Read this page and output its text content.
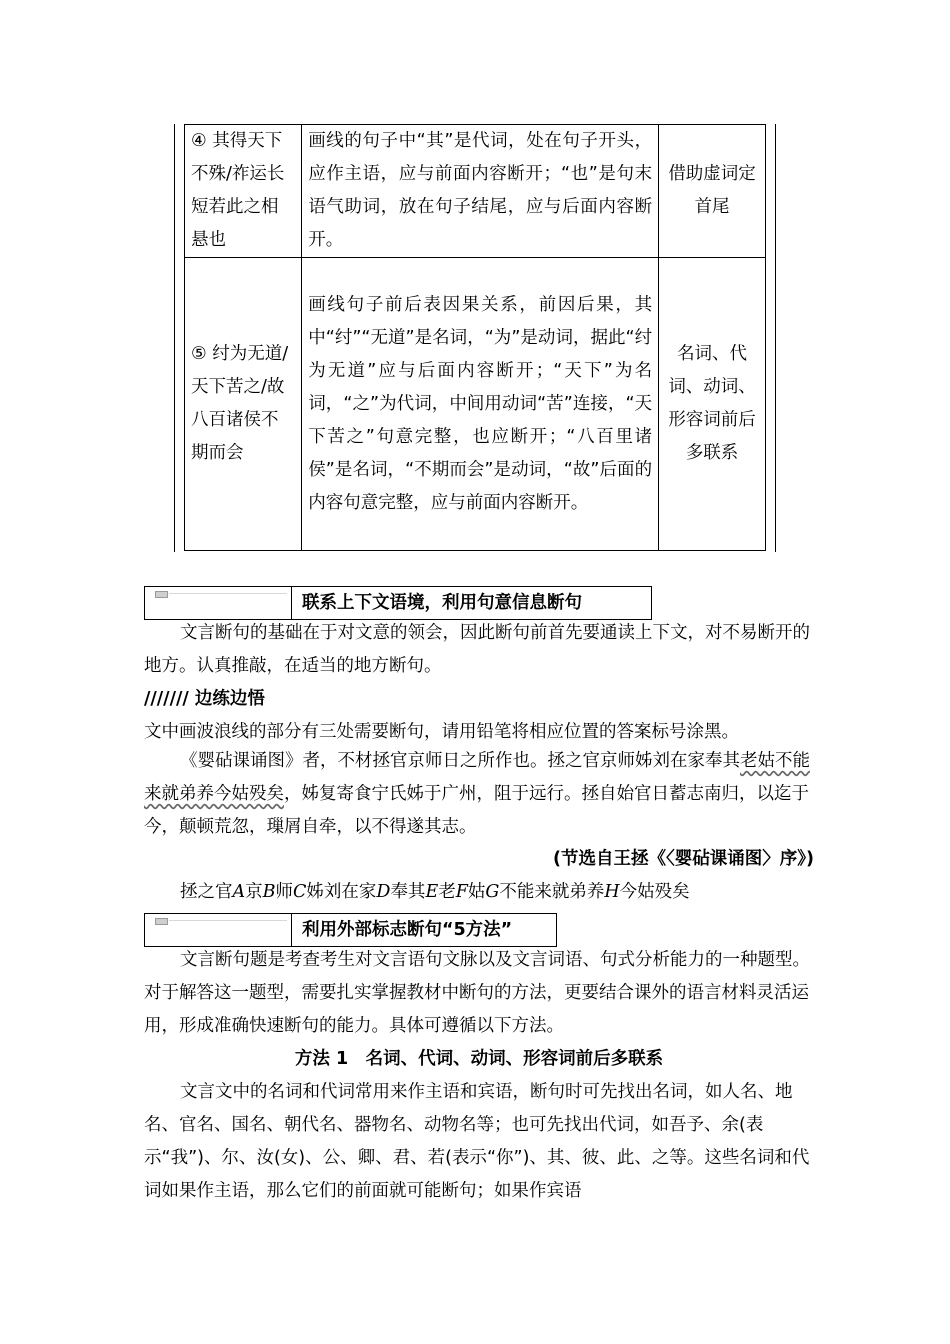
④ 其得天下不殊/祚运长短若此之相悬也	画线的句子中“其”是代词，处在句子开头，应作主语，应与前面内容断开；“也”是句末语气助词，放在句子结尾，应与后面内容断开。	借助虚词定首尾
⑤ 纣为无道/天下苦之/故八百诸侯不期而会	画线句子前后表因果关系，前因后果，其中“纣”“无道”是名词，“为”是动词，据此“纣为无道”应与后面内容断开；“天下”为名词，“之”为代词，中间用动词“苦”连接，“天下苦之”句意完整，也应断开；“八百里诸侯”是名词，“不期而会”是动词，“故”后面的内容句意完整，应与前面内容断开。	名词、代词、动词、形容词前后多联系
联系上下文语境，利用句意信息断句

文言断句的基础在于对文意的领会，因此断句前首先要通读上下文，对不易断开的地方。认真推敲，在适当的地方断句。

/////// 边练边悟

文中画波浪线的部分有三处需要断句，请用铅笔将相应位置的答案标号涂黑。

《婴砧课诵图》者，不材拯官京师日之所作也。拯之官京师姊刘在家奉其老姑不能来就弟养今姑殁矣，姊复寄食宁氏姊于广州，阻于远行。拯自始官日蓄志南归，以迄于今，颠顿荒忽，璅屑自牵，以不得遂其志。

(节选自王拯《〈婴砧课诵图〉序》)

拯之官A京B师C姊刘在家D奉其E老F姑G不能来就弟养H今姑殁矣

利用外部标志断句“5方法”

文言断句题是考查考生对文言语句文脉以及文言词语、句式分析能力的一种题型。对于解答这一题型，需要扎实掌握教材中断句的方法，更要结合课外的语言材料灵活运用，形成准确快速断句的能力。具体可遵循以下方法。

方法 1　名词、代词、动词、形容词前后多联系

文言文中的名词和代词常用来作主语和宾语，断句时可先找出名词，如人名、地名、官名、国名、朝代名、器物名、动物名等；也可先找出代词，如吾予、余(表示“我”)、尔、汝(女)、公、卿、君、若(表示“你”)、其、彼、此、之等。这些名词和代词如果作主语，那么它们的前面就可能断句；如果作宾语
